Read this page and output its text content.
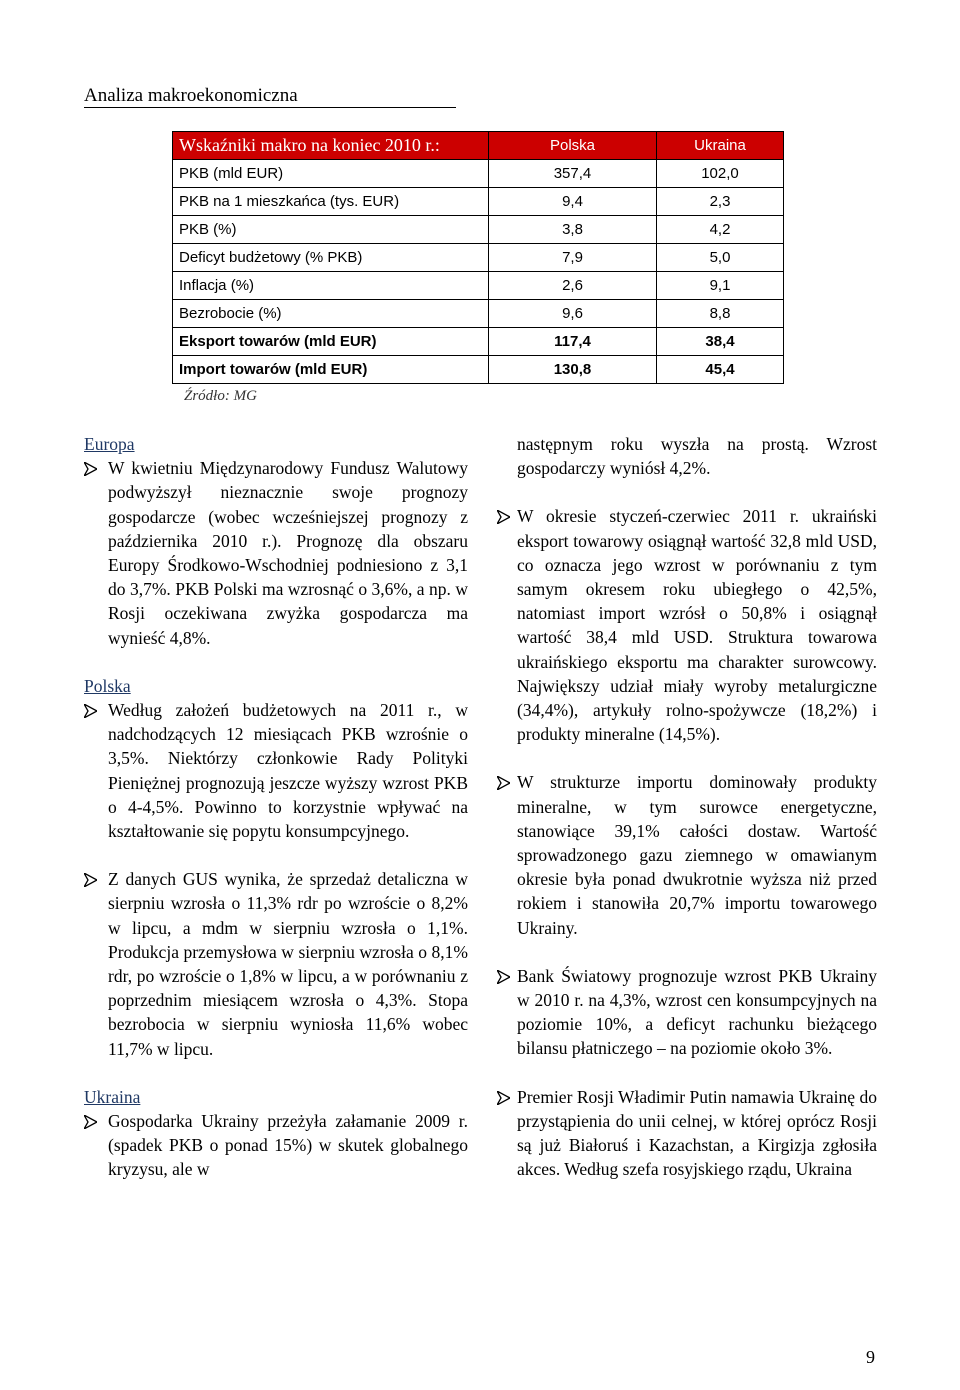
Analiza makroekonomiczna
Wskaźniki makro na koniec 2010 r.:	Polska	Ukraina
PKB (mld EUR)	357,4	102,0
PKB na 1 mieszkańca (tys. EUR)	9,4	2,3
PKB (%)	3,8	4,2
Deficyt budżetowy (% PKB)	7,9	5,0
Inflacja (%)	2,6	9,1
Bezrobocie (%)	9,6	8,8
Eksport towarów (mld EUR)	117,4	38,4
Import towarów (mld EUR)	130,8	45,4
Źródło: MG

Europa

W kwietniu Międzynarodowy Fundusz Walutowy podwyższył nieznacznie swoje prognozy gospodarcze (wobec wcześniejszej prognozy z października 2010 r.). Prognozę dla obszaru Europy Środkowo-Wschodniej podniesiono z 3,1 do 3,7%. PKB Polski ma wzrosnąć o 3,6%, a np. w Rosji oczekiwana zwyżka gospodarcza ma wynieść 4,8%.

Polska

Według założeń budżetowych na 2011 r., w nadchodzących 12 miesiącach PKB wzrośnie o 3,5%. Niektórzy członkowie Rady Polityki Pieniężnej prognozują jeszcze wyższy wzrost PKB o 4-4,5%. Powinno to korzystnie wpływać na kształtowanie się popytu konsumpcyjnego.
Z danych GUS wynika, że sprzedaż detaliczna w sierpniu wzrosła o 11,3% rdr po wzroście o 8,2% w lipcu, a mdm w sierpniu wzrosła o 1,1%. Produkcja przemysłowa w sierpniu wzrosła o 8,1% rdr, po wzroście o 1,8% w lipcu, a w porównaniu z poprzednim miesiącem wzrosła o 4,3%. Stopa bezrobocia w sierpniu wyniosła 11,6% wobec 11,7% w lipcu.

Ukraina

Gospodarka Ukrainy przeżyła załamanie 2009 r. (spadek PKB o ponad 15%) w skutek globalnego kryzysu, ale w

następnym roku wyszła na prostą. Wzrost gospodarczy wyniósł 4,2%.

W okresie styczeń-czerwiec 2011 r. ukraiński eksport towarowy osiągnął wartość 32,8 mld USD, co oznacza jego wzrost w porównaniu z tym samym okresem roku ubiegłego o 42,5%, natomiast import wzrósł o 50,8% i osiągnął wartość 38,4 mld USD. Struktura towarowa ukraińskiego eksportu ma charakter surowcowy. Największy udział miały wyroby metalurgiczne (34,4%), artykuły rolno-spożywcze (18,2%) i produkty mineralne (14,5%).
W strukturze importu dominowały produkty mineralne, w tym surowce energetyczne, stanowiące 39,1% całości dostaw. Wartość sprowadzonego gazu ziemnego w omawianym okresie była ponad dwukrotnie wyższa niż przed rokiem i stanowiła 20,7% importu towarowego Ukrainy.
Bank Światowy prognozuje wzrost PKB Ukrainy w 2010 r. na 4,3%, wzrost cen konsumpcyjnych na poziomie 10%, a deficyt rachunku bieżącego bilansu płatniczego – na poziomie około 3%.
Premier Rosji Władimir Putin namawia Ukrainę do przystąpienia do unii celnej, w której oprócz Rosji są już Białoruś i Kazachstan, a Kirgizja zgłosiła akces. Według szefa rosyjskiego rządu, Ukraina
9
